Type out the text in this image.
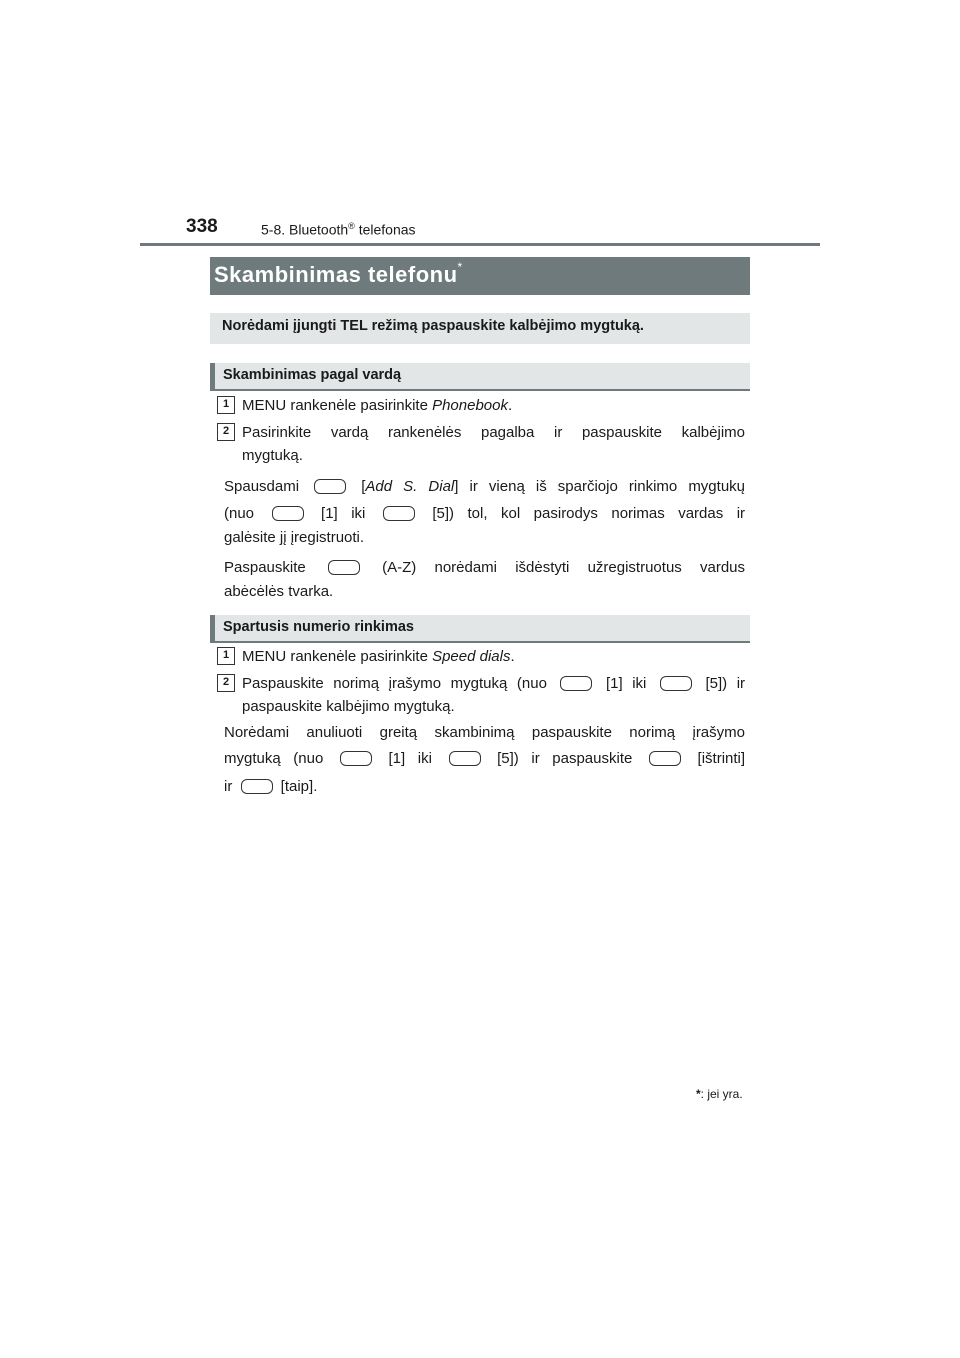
338	5-8. Bluetooth® telefonas
Skambinimas telefonu*
Norėdami įjungti TEL režimą paspauskite kalbėjimo mygtuką.
Skambinimas pagal vardą
1 MENU rankenėle pasirinkite Phonebook.
2 Pasirinkite vardą rankenėlės pagalba ir paspauskite kalbėjimo
mygtuką.
Spausdami	[Add S. Dial] ir vieną iš sparčiojo rinkimo mygtukų
(nuo	[1] iki	[5]) tol, kol pasirodys norimas vardas ir
galėsite jį įregistruoti.
Paspauskite	(A-Z) norėdami išdėstyti užregistruotus vardus
abėcėlės tvarka.
Spartusis numerio rinkimas
1 MENU rankenėle pasirinkite Speed dials.
2 Paspauskite norimą įrašymo mygtuką (nuo	[1] iki	[5]) ir
paspauskite kalbėjimo mygtuką.
Norėdami anuliuoti greitą skambinimą paspauskite norimą įrašymo
mygtuką (nuo	[1] iki	[5]) ir paspauskite	[ištrinti]
ir	[taip].
*: jei yra.
